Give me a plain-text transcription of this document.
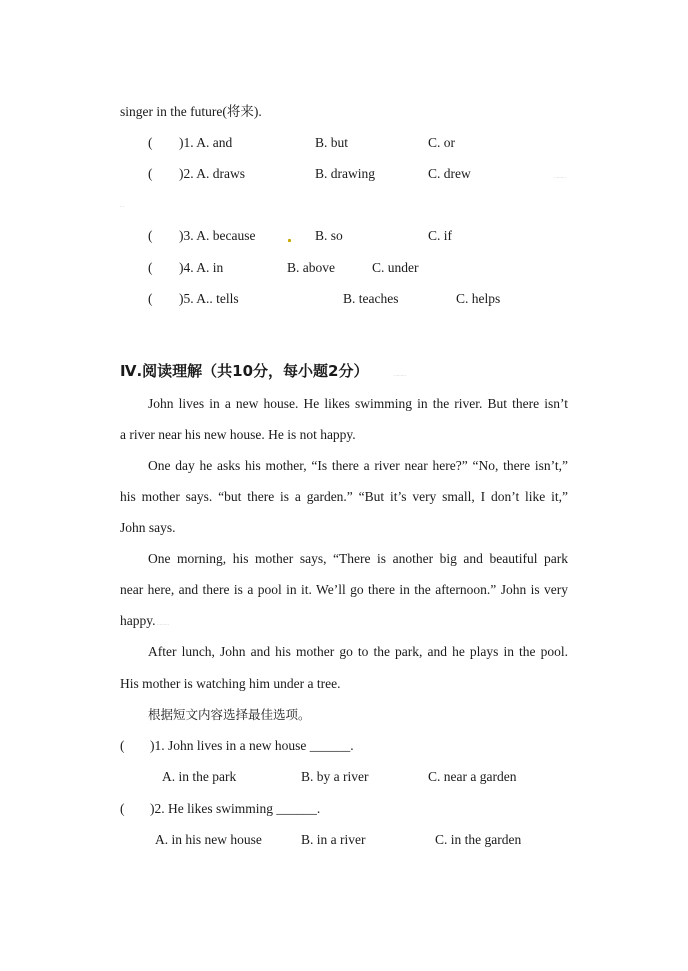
singer in the future(将来).
( )1. A. and	B. but	C. or
( )2. A. draws	B. drawing	C. drew	………
…
( )3. A. because	B. so	C. if
( )4. A. in	B. above	C. under
( )5. A.. tells	B. teaches	C. helps
Ⅳ.阅读理解（共10分，每小题2分）	………
John lives in a new house. He likes swimming in the river. But there isn’t
a river near his new house. He is not happy.
One day he asks his mother, “Is there a river near here?” “No, there isn’t,”
his mother says. “but there is a garden.” “But it’s very small, I don’t like it,”
John says.
One morning, his mother says, “There is another big and beautiful park
near here, and there is a pool in it. We’ll go there in the afternoon.” John is very
happy. ………
After lunch, John and his mother go to the park, and he plays in the pool.
His mother is watching him under a tree.
根据短文内容选择最佳选项。
( )1. John lives in a new house ______.
A. in the park	B. by a river	C. near a garden
( )2. He likes swimming ______.
A. in his new house	B. in a river	C. in the garden
